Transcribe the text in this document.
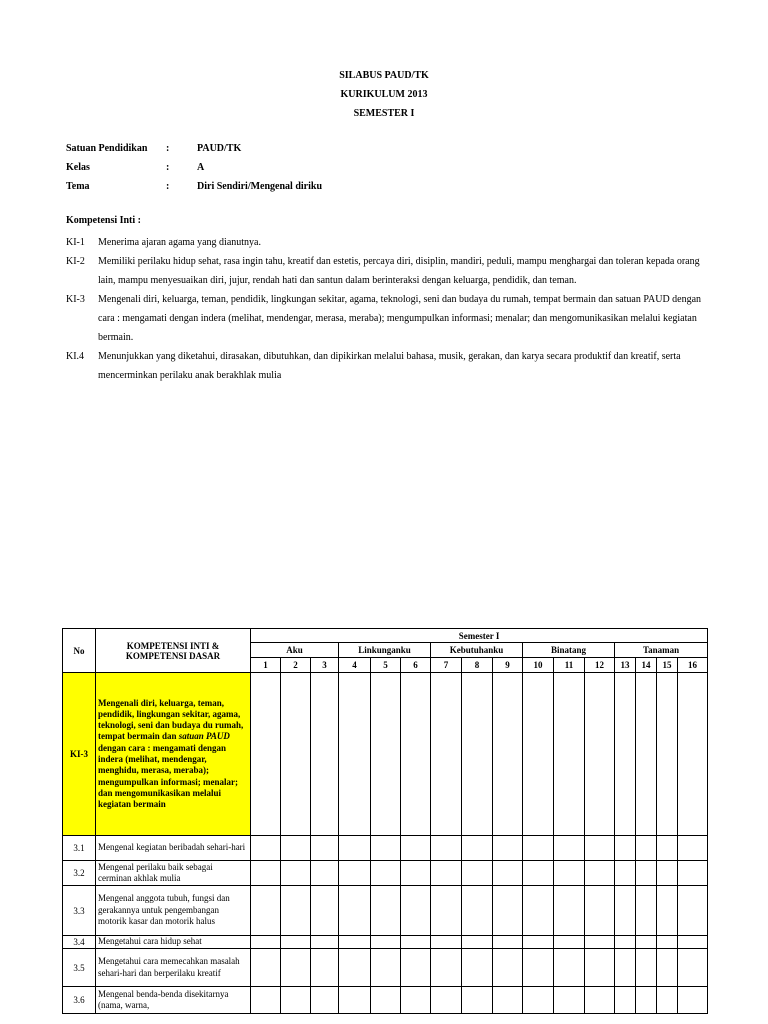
SILABUS PAUD/TK
KURIKULUM 2013
SEMESTER I
Satuan Pendidikan :	PAUD/TK
Kelas	:	A
Tema	:	Diri Sendiri/Mengenal diriku
Kompetensi Inti :
KI-1 Menerima ajaran agama yang dianutnya.
KI-2 Memiliki perilaku hidup sehat, rasa ingin tahu, kreatif dan estetis, percaya diri, disiplin, mandiri, peduli, mampu menghargai dan toleran kepada orang lain, mampu menyesuaikan diri, jujur, rendah hati dan santun dalam berinteraksi dengan keluarga, pendidik, dan teman.
KI-3 Mengenali diri, keluarga, teman, pendidik, lingkungan sekitar, agama, teknologi, seni dan budaya du rumah, tempat bermain dan satuan PAUD dengan cara : mengamati dengan indera (melihat, mendengar, merasa, meraba); mengumpulkan informasi; menalar; dan mengomunikasikan melalui kegiatan bermain.
KI.4 Menunjukkan yang diketahui, dirasakan, dibutuhkan, dan dipikirkan melalui bahasa, musik, gerakan, dan karya secara produktif dan kreatif, serta mencerminkan perilaku anak berakhlak mulia
No	KOMPETENSI INTI & KOMPETENSI DASAR	Semester I															
		Aku			Linkunganku			Kebutuhanku			Binatang			Tanaman			
		1	2	3	4	5	6	7	8	9	10	11	12	13	14	15	16
KI-3	Mengenali diri, keluarga, teman, pendidik, lingkungan sekitar, agama, teknologi, seni dan budaya du rumah, tempat bermain dan satuan PAUD dengan cara : mengamati dengan indera (melihat, mendengar, menghidu, merasa, meraba); mengumpulkan informasi; menalar; dan mengomunikasikan melalui kegiatan bermain																
3.1	Mengenal kegiatan beribadah sehari-hari																
3.2	Mengenal perilaku baik sebagai cerminan akhlak mulia																
3.3	Mengenal anggota tubuh, fungsi dan gerakannya untuk pengembangan motorik kasar dan motorik halus																
3.4	Mengetahui cara hidup sehat																
3.5	Mengetahui cara memecahkan masalah sehari-hari dan berperilaku kreatif																
3.6	Mengenal benda-benda disekitarnya (nama, warna,																
